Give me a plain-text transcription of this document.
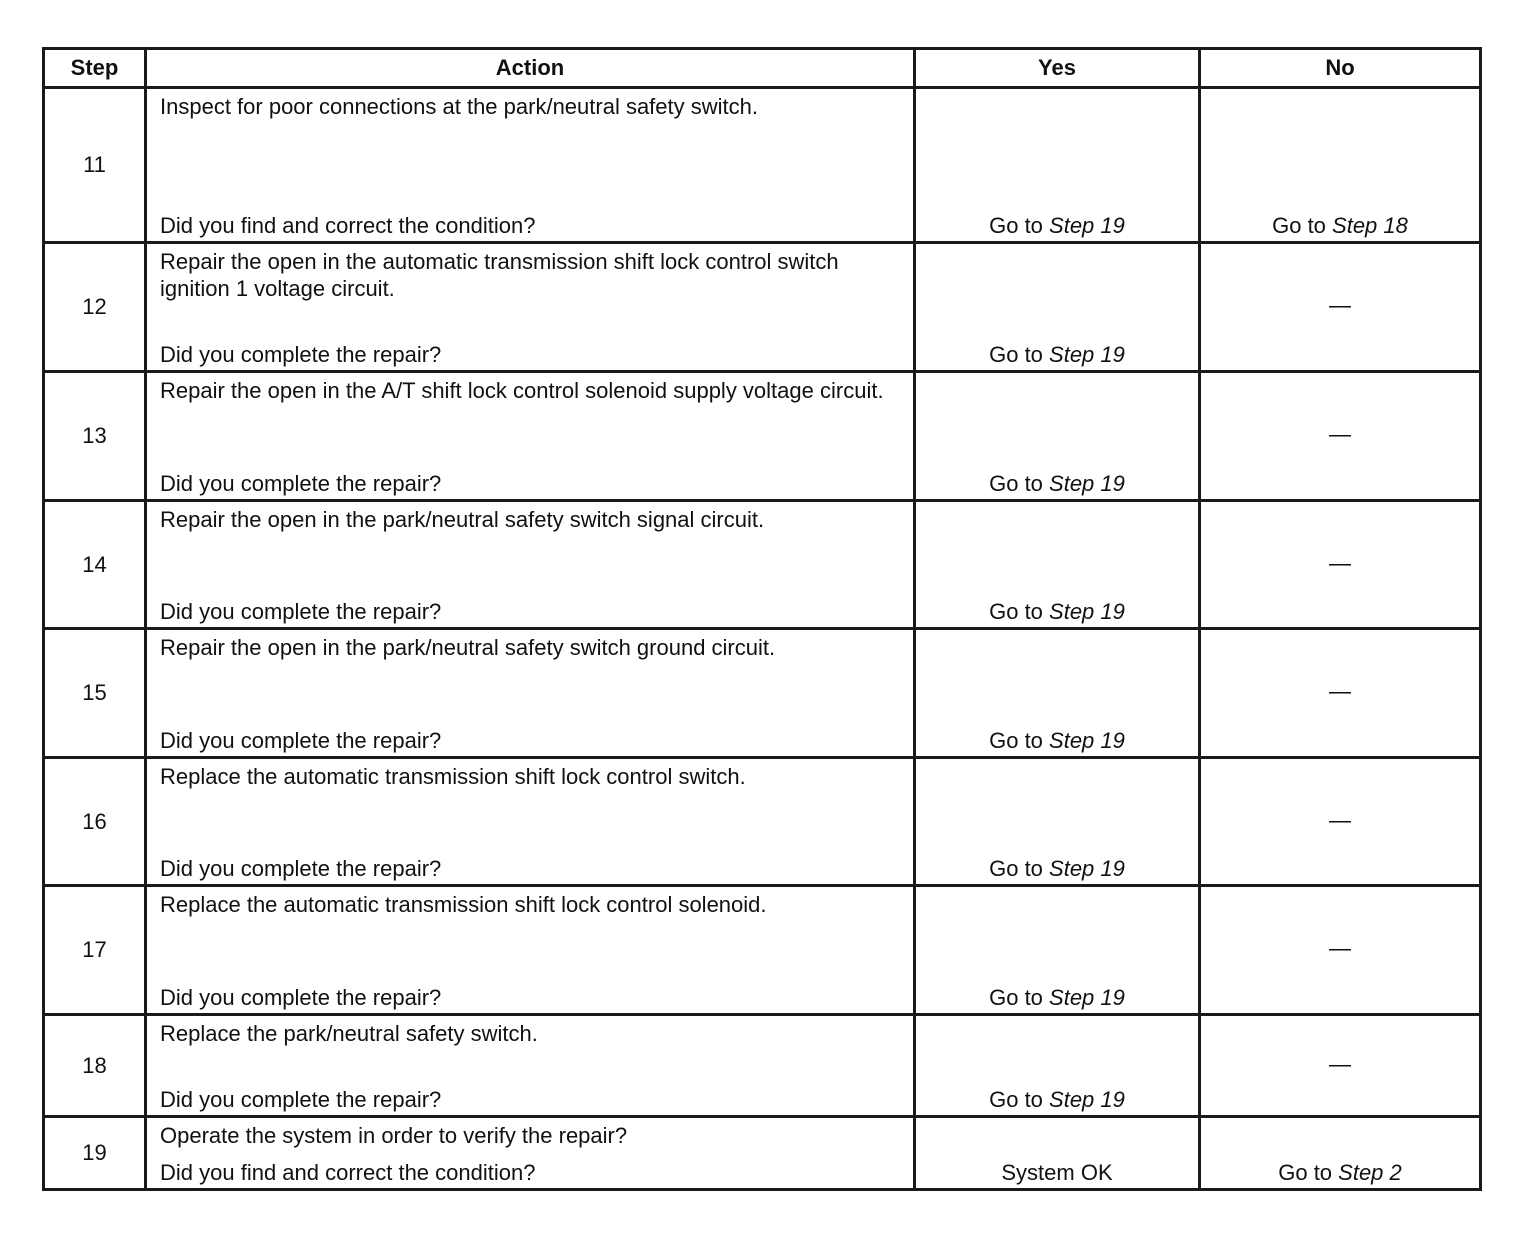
Step	Action	Yes	No
11	Inspect for poor connections at the park/neutral safety switch.
Did you find and correct the condition?	Go to Step 19	Go to Step 18

12	Repair the open in the automatic transmission shift lock control switch ignition 1 voltage circuit.
Did you complete the repair?	Go to Step 19	—

13	Repair the open in the A/T shift lock control solenoid supply voltage circuit.
Did you complete the repair?	Go to Step 19	—

14	Repair the open in the park/neutral safety switch signal circuit.
Did you complete the repair?	Go to Step 19	—

15	Repair the open in the park/neutral safety switch ground circuit.
Did you complete the repair?	Go to Step 19	—

16	Replace the automatic transmission shift lock control switch.
Did you complete the repair?	Go to Step 19	—

17	Replace the automatic transmission shift lock control solenoid.
Did you complete the repair?	Go to Step 19	—

18	Replace the park/neutral safety switch.
Did you complete the repair?	Go to Step 19	—

19	Operate the system in order to verify the repair?
Did you find and correct the condition?	System OK	Go to Step 2
